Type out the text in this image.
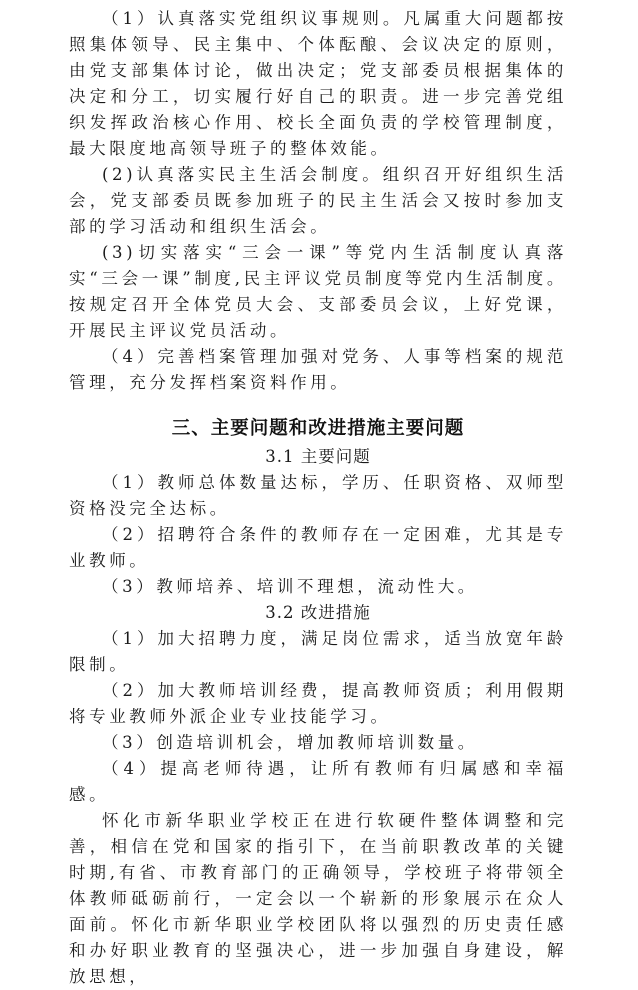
（1）认真落实党组织议事规则。凡属重大问题都按照集体领导、民主集中、个体酝酿、会议决定的原则，由党支部集体讨论，做出决定；党支部委员根据集体的决定和分工，切实履行好自己的职责。进一步完善党组织发挥政治核心作用、校长全面负责的学校管理制度，最大限度地高领导班子的整体效能。

(2)认真落实民主生活会制度。组织召开好组织生活会，党支部委员既参加班子的民主生活会又按时参加支部的学习活动和组织生活会。

(3)切实落实“三会一课”等党内生活制度认真落实“三会一课”制度,民主评议党员制度等党内生活制度。按规定召开全体党员大会、支部委员会议，上好党课，开展民主评议党员活动。

（4）完善档案管理加强对党务、人事等档案的规范管理，充分发挥档案资料作用。

三、主要问题和改进措施主要问题

3.1 主要问题

（1）教师总体数量达标，学历、任职资格、双师型资格没完全达标。

（2）招聘符合条件的教师存在一定困难，尤其是专业教师。

（3）教师培养、培训不理想，流动性大。

3.2 改进措施

（1）加大招聘力度，满足岗位需求，适当放宽年龄限制。

（2）加大教师培训经费，提高教师资质；利用假期将专业教师外派企业专业技能学习。

（3）创造培训机会，增加教师培训数量。

（4）提高老师待遇，让所有教师有归属感和幸福感。

怀化市新华职业学校正在进行软硬件整体调整和完善，相信在党和国家的指引下，在当前职教改革的关键时期,有省、市教育部门的正确领导，学校班子将带领全体教师砥砺前行，一定会以一个崭新的形象展示在众人面前。怀化市新华职业学校团队将以强烈的历史责任感和办好职业教育的坚强决心，进一步加强自身建设，解放思想，
